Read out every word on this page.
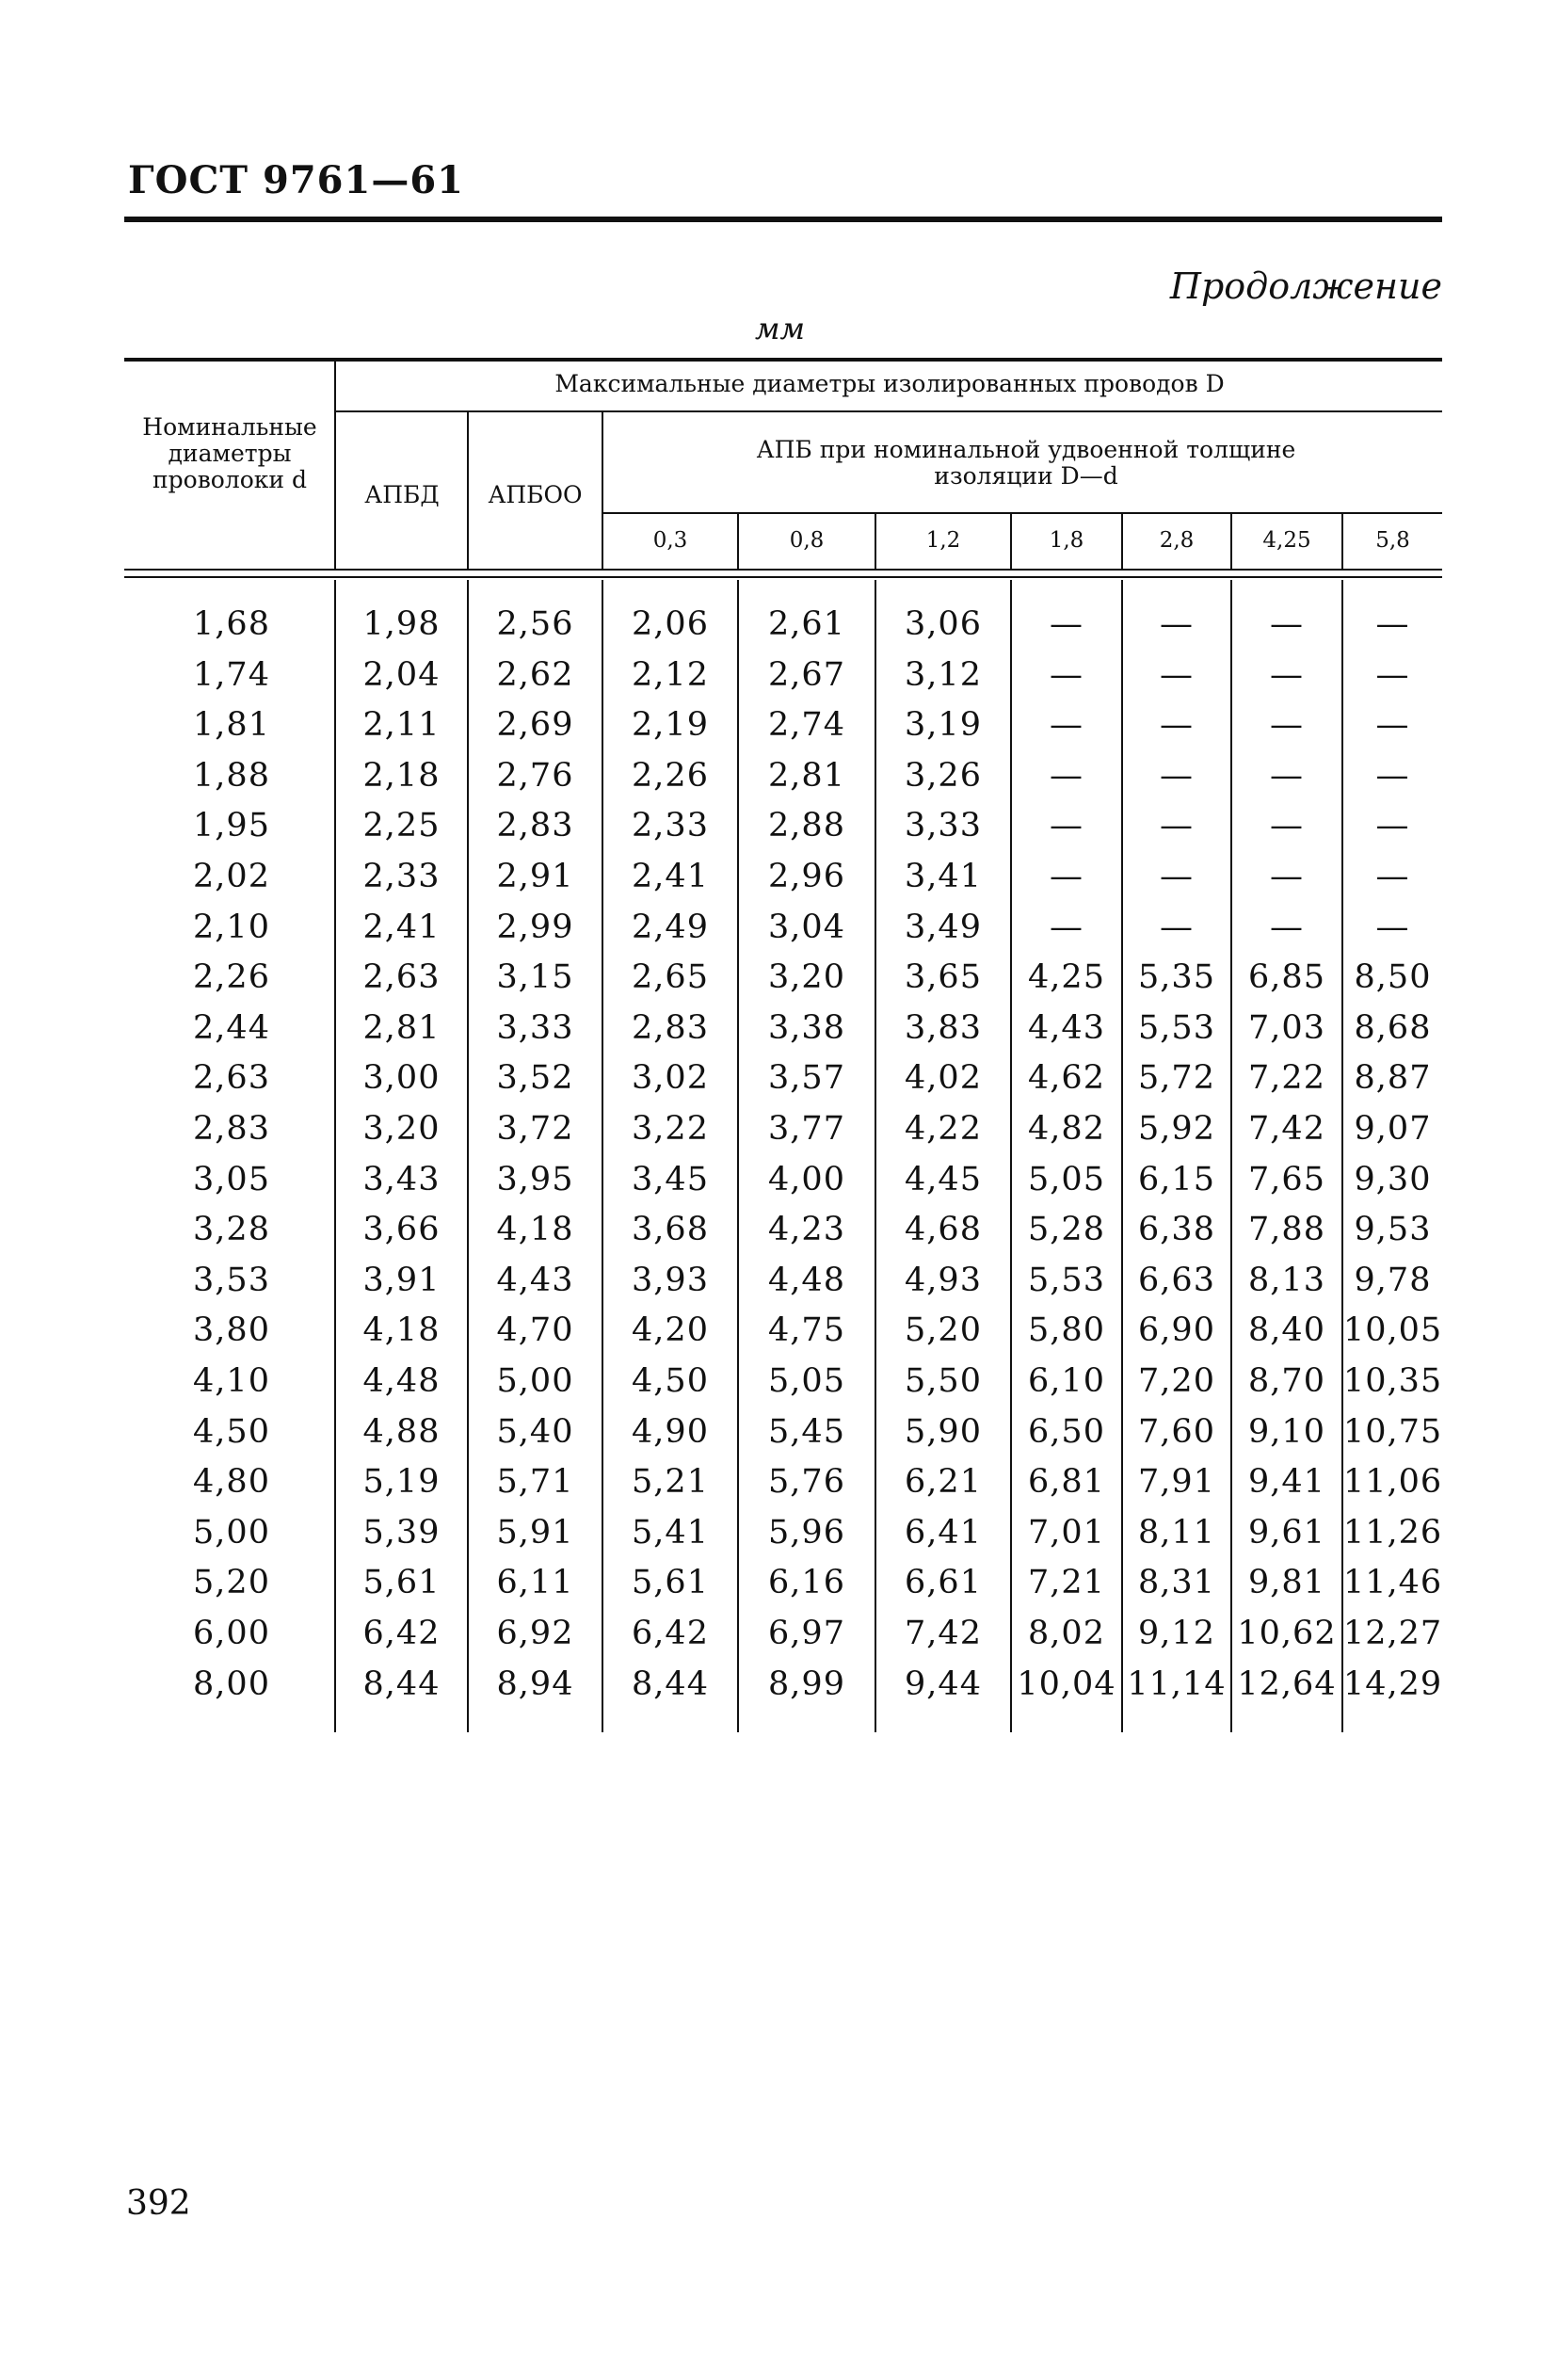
ГОСТ 9761—61
Продолжение
мм
Номинальные диаметры проволоки d
Максимальные диаметры изолированных проводов D
АПБД	АПБОО
АПБ при номинальной удвоенной толщине изоляции D—d
0,3	0,8	1,2	1,8	2,8	4,25	5,8
1,68	1,98	2,56	2,06	2,61	3,06	—	—	—	—
1,74	2,04	2,62	2,12	2,67	3,12	—	—	—	—
1,81	2,11	2,69	2,19	2,74	3,19	—	—	—	—
1,88	2,18	2,76	2,26	2,81	3,26	—	—	—	—
1,95	2,25	2,83	2,33	2,88	3,33	—	—	—	—
2,02	2,33	2,91	2,41	2,96	3,41	—	—	—	—
2,10	2,41	2,99	2,49	3,04	3,49	—	—	—	—
2,26	2,63	3,15	2,65	3,20	3,65	4,25	5,35	6,85 8,50
2,44	2,81	3,33	2,83	3,38	3,83	4,43	5,53	7,03 8,68
2,63	3,00	3,52	3,02	3,57	4,02	4,62	5,72	7,22 8,87
2,83	3,20	3,72	3,22	3,77	4,22	4,82	5,92	7,42 9,07
3,05	3,43	3,95	3,45	4,00	4,45	5,05	6,15	7,65 9,30
3,28	3,66	4,18	3,68	4,23	4,68	5,28	6,38	7,88 9,53
3,53	3,91	4,43	3,93	4,48	4,93	5,53	6,63	8,13 9,78
3,80	4,18	4,70	4,20	4,75	5,20	5,80	6,90	8,40 10,05
4,10	4,48	5,00	4,50	5,05	5,50	6,10	7,20	8,70 10,35
4,50	4,88	5,40	4,90	5,45	5,90	6,50	7,60	9,10 10,75
4,80	5,19	5,71	5,21	5,76	6,21	6,81	7,91	9,41 11,06
5,00	5,39	5,91	5,41	5,96	6,41	7,01	8,11	9,61 11,26
5,20	5,61	6,11	5,61	6,16	6,61	7,21	8,31	9,81 11,46
6,00	6,42	6,92	6,42	6,97	7,42	8,02	9,12 10,62 12,27
8,00	8,44	8,94	8,44	8,99	9,44	10,04 11,14 12,64 14,29
392
